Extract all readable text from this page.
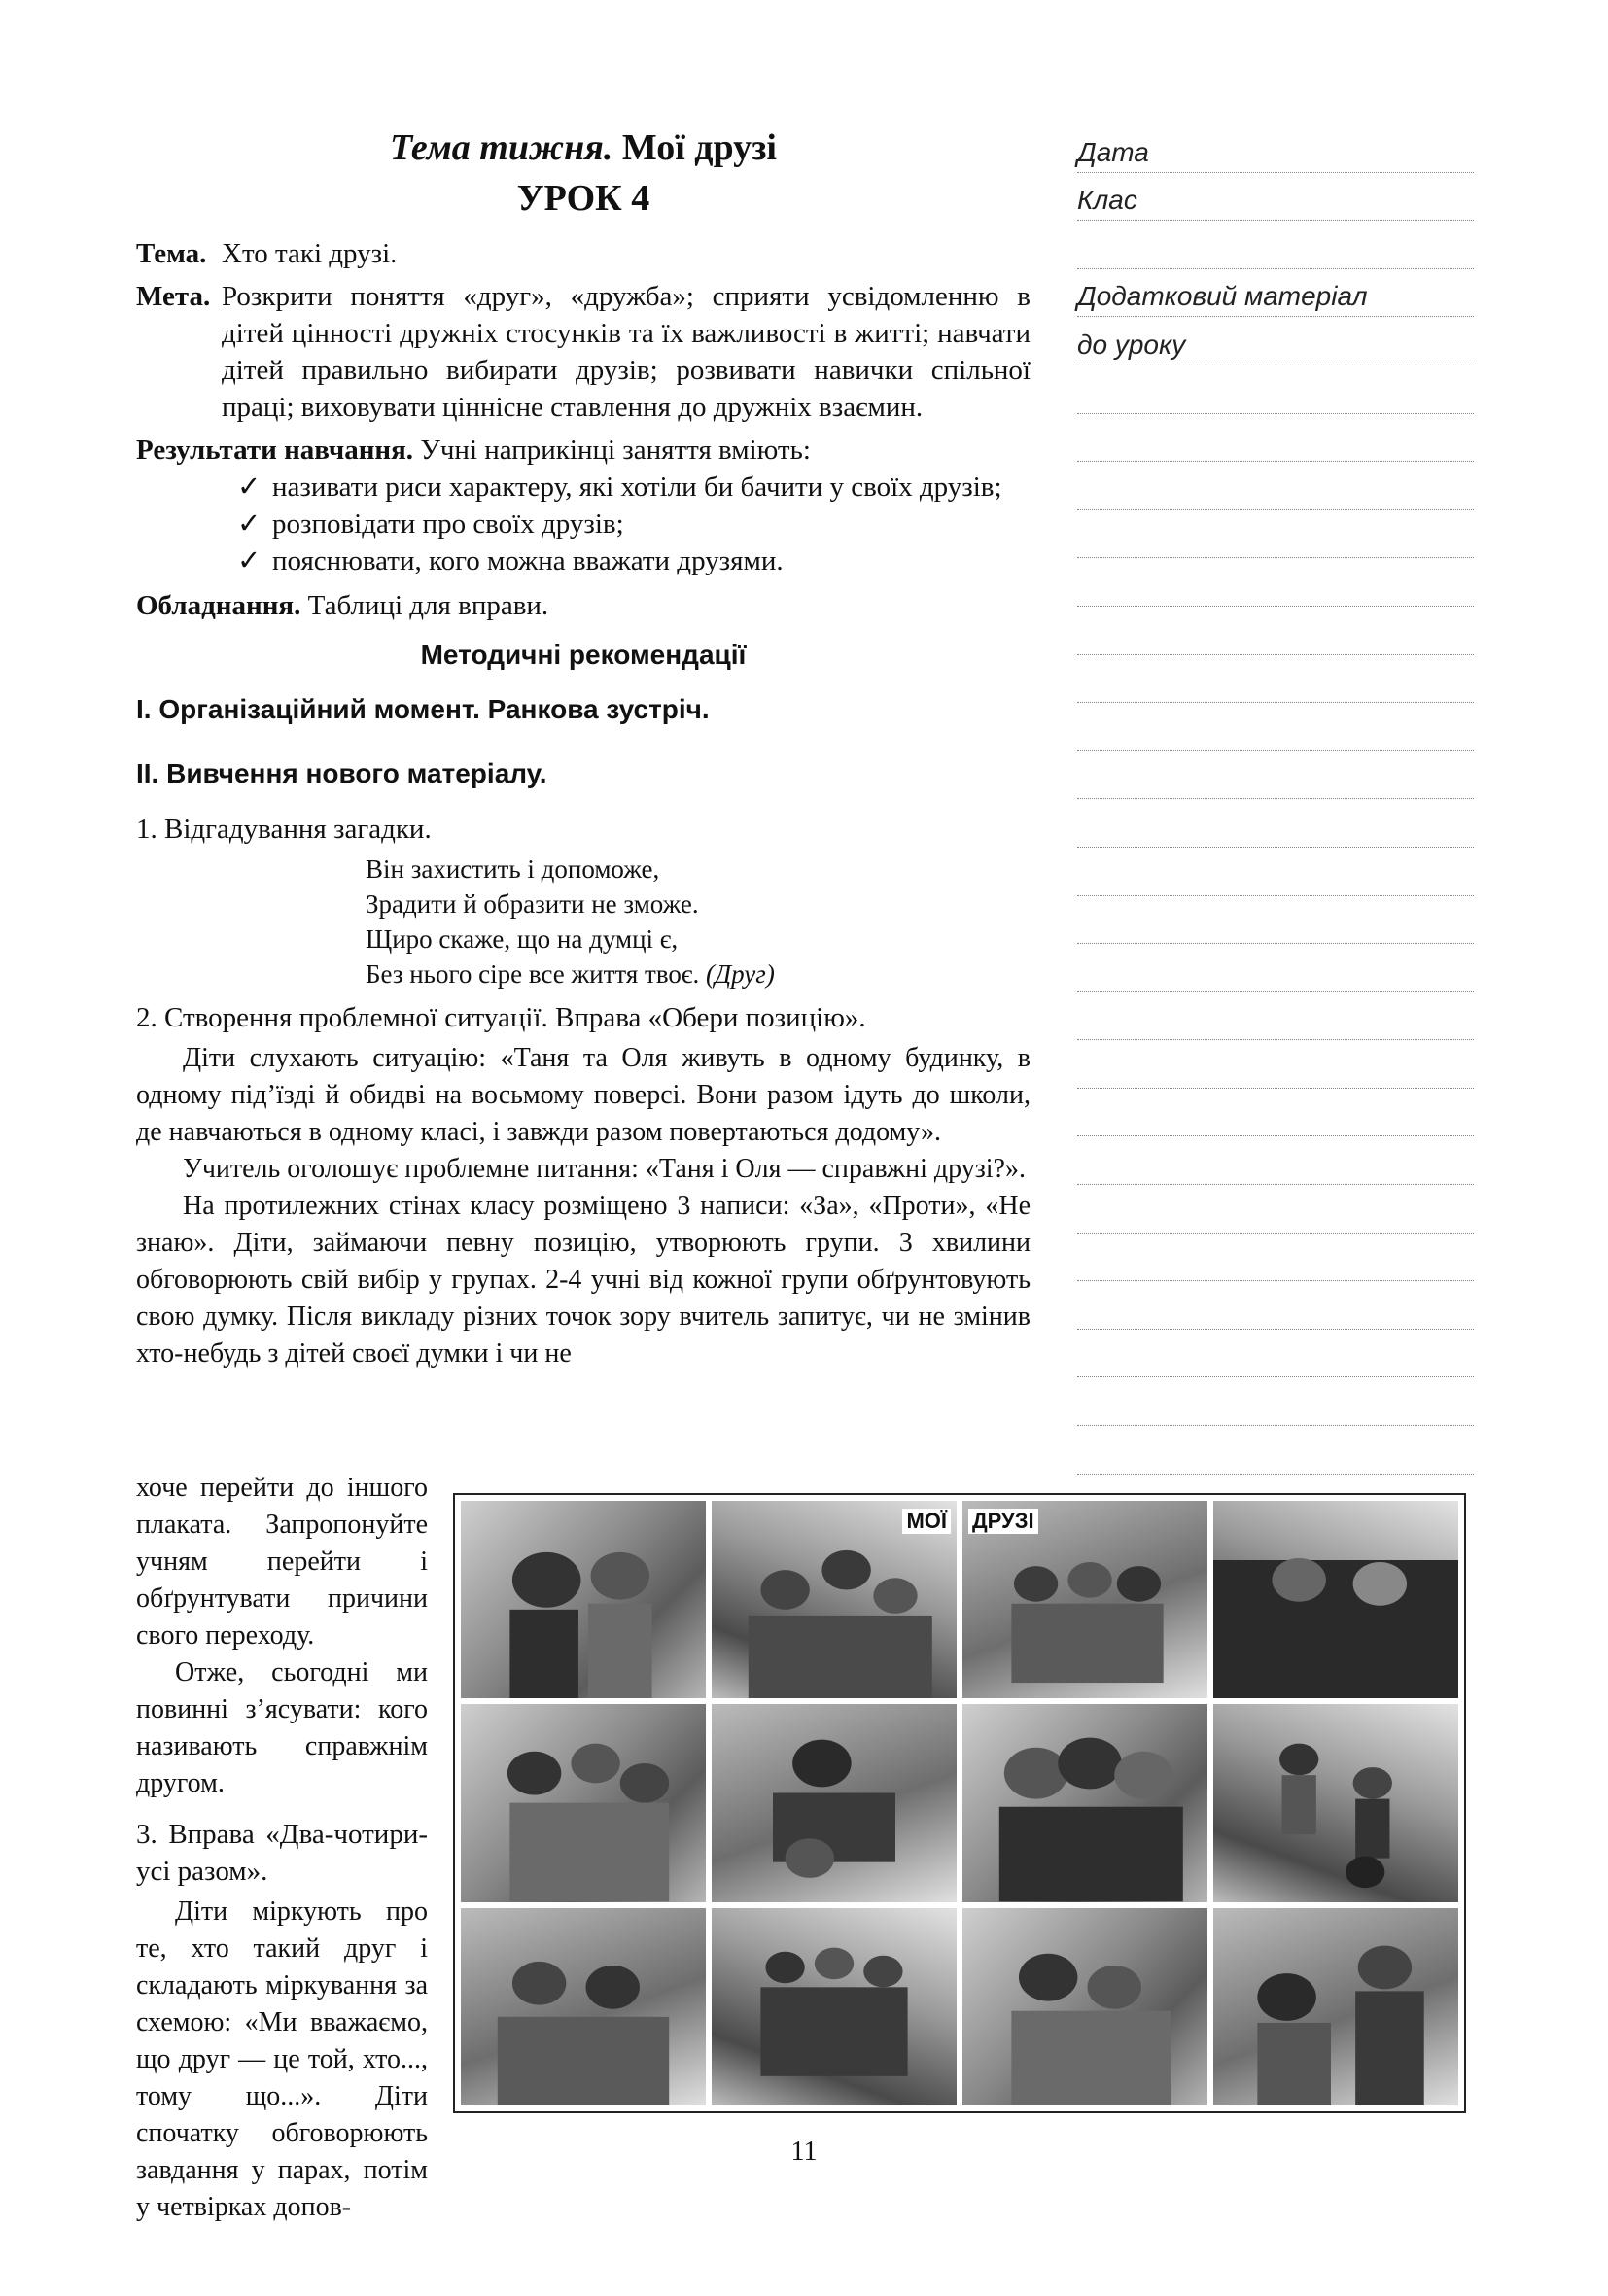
Тема тижня. Мої друзі
УРОК 4
Тема. Хто такі друзі.
Мета. Розкрити поняття «друг», «дружба»; сприяти усвідомленню в дітей цінності дружніх стосунків та їх важливості в житті; навчати дітей правильно вибирати друзів; розвивати навички спільної праці; виховувати ціннісне ставлення до дружніх взаємин.

Результати навчання. Учні наприкінці заняття вміють:

✓ називати риси характеру, які хотіли би бачити у своїх друзів;
✓ розповідати про своїх друзів;
✓ пояснювати, кого можна вважати друзями.

Обладнання. Таблиці для вправи.

Методичні рекомендації
І. Організаційний момент. Ранкова зустріч.
ІІ. Вивчення нового матеріалу.

1. Відгадування загадки.

Він захистить і допоможе,
Зрадити й образити не зможе.
Щиро скаже, що на думці є,
Без нього сіре все життя твоє. (Друг)

2. Створення проблемної ситуації. Вправа «Обери позицію».

Діти слухають ситуацію: «Таня та Оля живуть в одному будинку, в одному під’їзді й обидві на восьмому поверсі. Вони разом ідуть до школи, де навчаються в одному класі, і завжди разом повертаються додому».

Учитель оголошує проблемне питання: «Таня і Оля — справжні друзі?».

На протилежних стінах класу розміщено 3 написи: «За», «Проти», «Не знаю». Діти, займаючи певну позицію, утворюють групи. 3 хвилини обговорюють свій вибір у групах. 2-4 учні від кожної групи обґрунтовують свою думку. Після викладу різних точок зору вчитель запитує, чи не змінив хто-небудь з дітей своєї думки і чи не

хоче перейти до іншого плаката. Запропонуйте учням перейти і обґрунтувати причини свого переходу.

Отже, сьогодні ми повинні з’ясувати: кого називають справжнім другом.

3. Вправа «Два-чотири-усі разом».

Діти міркують про те, хто такий друг і складають міркування за схемою: «Ми вважаємо, що друг — це той, хто..., тому що...». Діти спочатку обговорюють завдання у парах, потім у четвірках допов-

МОЇ ДРУЗІ
Дата
Клас
Додатковий матеріал
до уроку
11
